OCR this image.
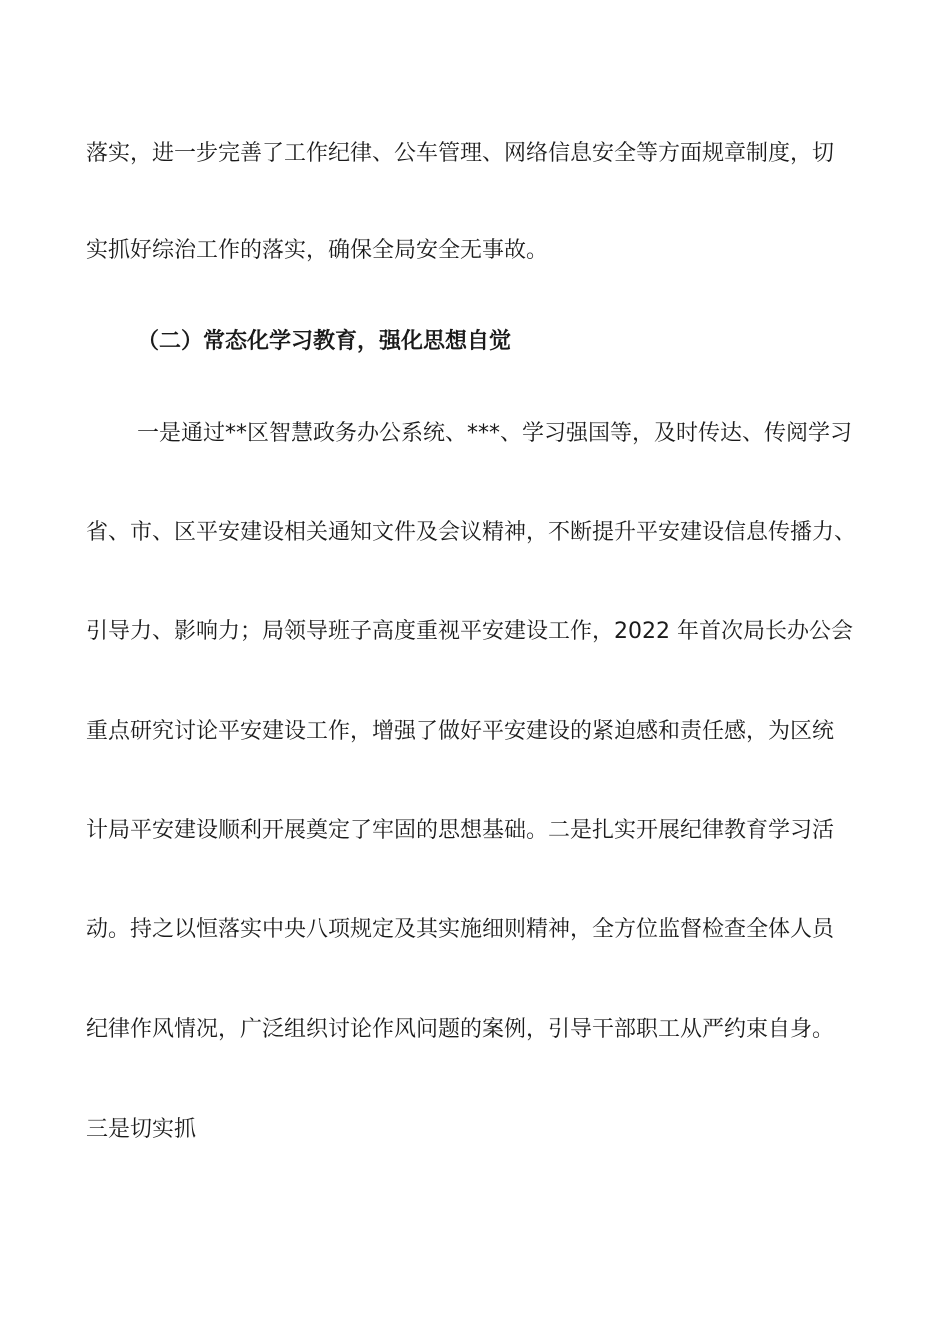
落实，进一步完善了工作纪律、公车管理、网络信息安全等方面规章制度，切
实抓好综治工作的落实，确保全局安全无事故。
（二）常态化学习教育，强化思想自觉
一是通过**区智慧政务办公系统、***、学习强国等，及时传达、传阅学习
省、市、区平安建设相关通知文件及会议精神，不断提升平安建设信息传播力、
引导力、影响力；局领导班子高度重视平安建设工作，2022 年首次局长办公会
重点研究讨论平安建设工作，增强了做好平安建设的紧迫感和责任感，为区统
计局平安建设顺利开展奠定了牢固的思想基础。二是扎实开展纪律教育学习活
动。持之以恒落实中央八项规定及其实施细则精神，全方位监督检查全体人员
纪律作风情况，广泛组织讨论作风问题的案例，引导干部职工从严约束自身。
三是切实抓
